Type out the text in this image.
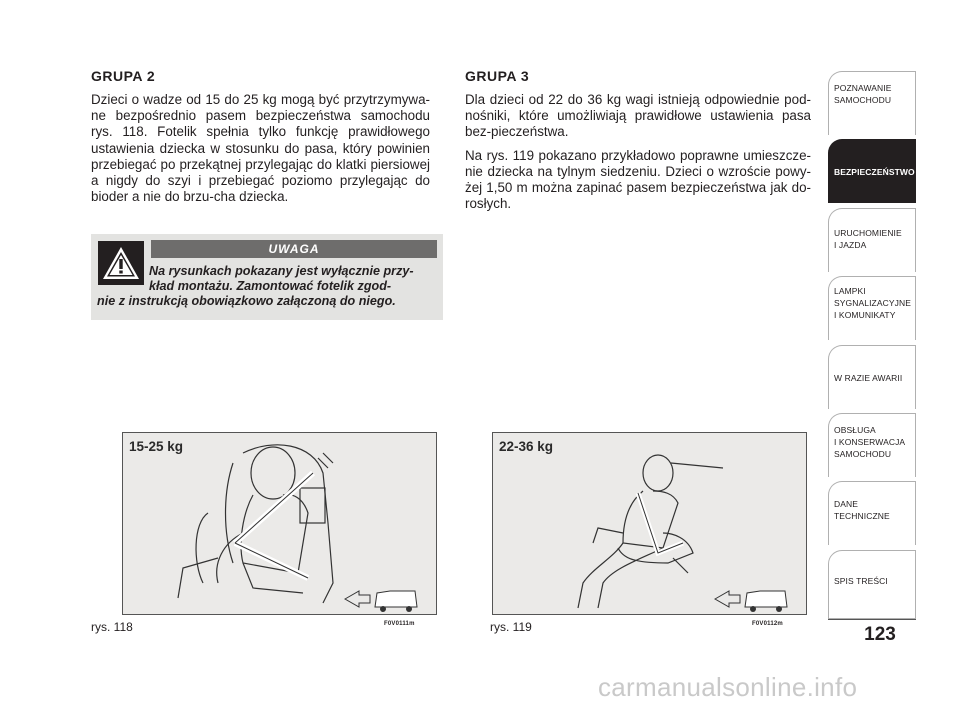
GRUPA 2

Dzieci o wadze od 15 do 25 kg mogą być przytrzymywa-ne bezpośrednio pasem bezpieczeństwa samochodu rys. 118. Fotelik spełnia tylko funkcję prawidłowego ustawienia dziecka w stosunku do pasa, który powinien przebiegać po przekątnej przylegając do klatki piersiowej a nigdy do szyi i przebiegać poziomo przylegając do bioder a nie do brzu-cha dziecka.

UWAGA
Na rysunkach pokazany jest wyłącznie przy-
kład montażu. Zamontować fotelik zgod-
nie z instrukcją obowiązkowo załączoną do niego.
GRUPA 3

Dla dzieci od 22 do 36 kg wagi istnieją odpowiednie pod-nośniki, które umożliwiają prawidłowe ustawienia pasa bez-pieczeństwa.

Na rys. 119 pokazano przykładowo poprawne umieszcze-nie dziecka na tylnym siedzeniu. Dzieci o wzroście powy-żej 1,50 m można zapinać pasem bezpieczeństwa jak do-rosłych.

15-25 kg
rys. 118	F0V0111m
22-36 kg
rys. 119	F0V0112m
POZNAWANIE
SAMOCHODU
BEZPIECZEŃSTWO
URUCHOMIENIE
I JAZDA
LAMPKI
SYGNALIZACYJNE
I KOMUNIKATY
W RAZIE AWARII
OBSŁUGA
I KONSERWACJA
SAMOCHODU
DANE
TECHNICZNE
SPIS TREŚCI
123
carmanualsonline.info
